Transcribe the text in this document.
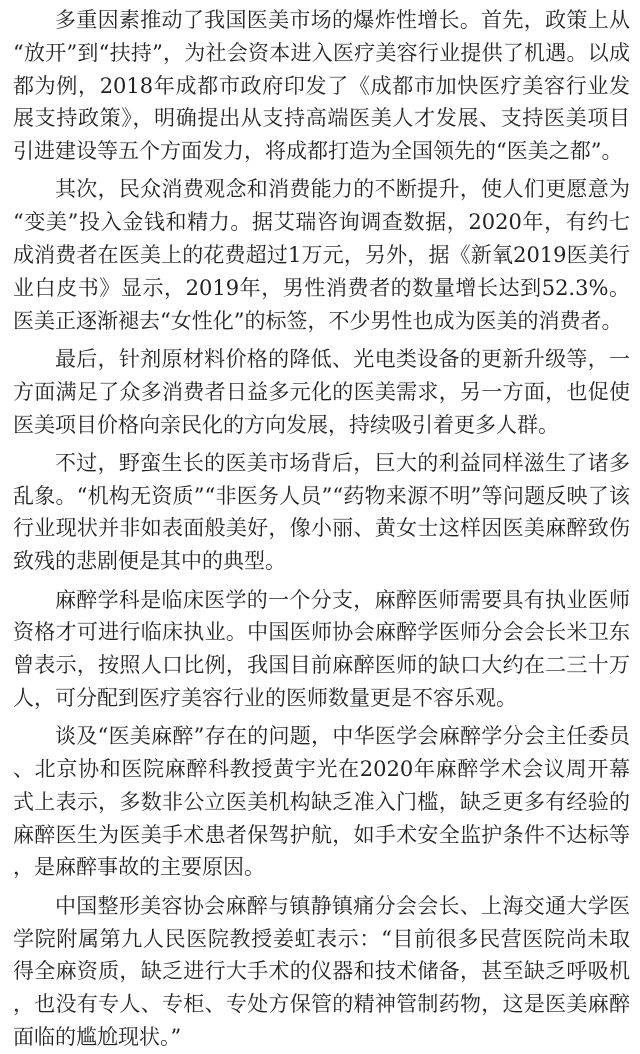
多重因素推动了我国医美市场的爆炸性增长。首先，政策上从“放开”到“扶持”，为社会资本进入医疗美容行业提供了机遇。以成都为例，2018年成都市政府印发了《成都市加快医疗美容行业发展支持政策》，明确提出从支持高端医美人才发展、支持医美项目引进建设等五个方面发力，将成都打造为全国领先的“医美之都”。

其次，民众消费观念和消费能力的不断提升，使人们更愿意为“变美”投入金钱和精力。据艾瑞咨询调查数据，2020年，有约七成消费者在医美上的花费超过1万元，另外，据《新氧2019医美行业白皮书》显示，2019年，男性消费者的数量增长达到52.3%。医美正逐渐褪去“女性化”的标签，不少男性也成为医美的消费者。

最后，针剂原材料价格的降低、光电类设备的更新升级等，一方面满足了众多消费者日益多元化的医美需求，另一方面，也促使医美项目价格向亲民化的方向发展，持续吸引着更多人群。

不过，野蛮生长的医美市场背后，巨大的利益同样滋生了诸多乱象。“机构无资质”“非医务人员”“药物来源不明”等问题反映了该行业现状并非如表面般美好，像小丽、黄女士这样因医美麻醉致伤致残的悲剧便是其中的典型。

麻醉学科是临床医学的一个分支，麻醉医师需要具有执业医师资格才可进行临床执业。中国医师协会麻醉学医师分会会长米卫东曾表示，按照人口比例，我国目前麻醉医师的缺口大约在二三十万人，可分配到医疗美容行业的医师数量更是不容乐观。

谈及“医美麻醉”存在的问题，中华医学会麻醉学分会主任委员、北京协和医院麻醉科教授黄宇光在2020年麻醉学术会议周开幕式上表示，多数非公立医美机构缺乏准入门槛，缺乏更多有经验的麻醉医生为医美手术患者保驾护航，如手术安全监护条件不达标等，是麻醉事故的主要原因。

中国整形美容协会麻醉与镇静镇痛分会会长、上海交通大学医学院附属第九人民医院教授姜虹表示：“目前很多民营医院尚未取得全麻资质，缺乏进行大手术的仪器和技术储备，甚至缺乏呼吸机，也没有专人、专柜、专处方保管的精神管制药物，这是医美麻醉面临的尴尬现状。”
